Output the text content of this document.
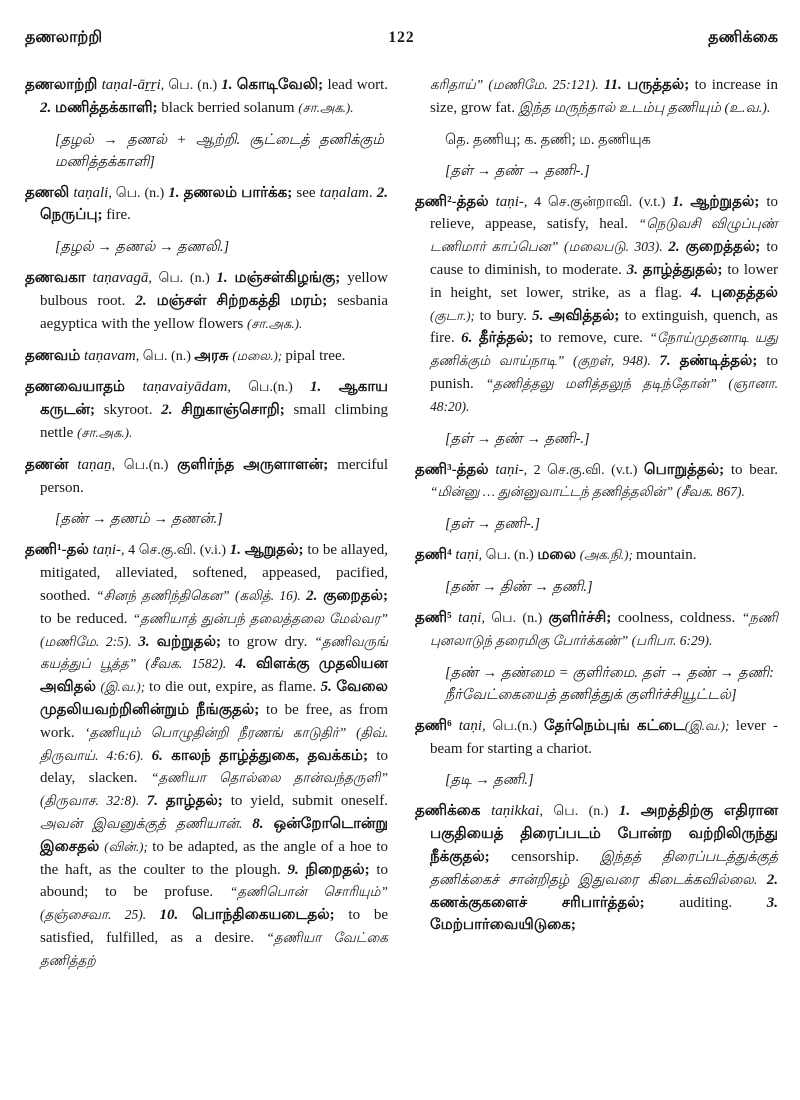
தணலாற்றி	122	தணிக்கை

தணலாற்றி taṇal-āṟṟi, பெ. (n.) 1. கொடிவேலி; lead wort. 2. மணித்தக்காளி; black berried solanum (சா.அக.).

[தழல் → தணல் + ஆற்றி. சூட்டைத் தணிக்கும் மணித்தக்காளி]

தணலி taṇali, பெ. (n.) 1. தணலம் பார்க்க; see taṇalam. 2. நெருப்பு; fire.

[தழல் → தணல் → தணலி.]

தணவகா taṇavagā, பெ. (n.) 1. மஞ்சள்கிழங்கு; yellow bulbous root. 2. மஞ்சள் சிற்றகத்தி மரம்; sesbania aegyptica with the yellow flowers (சா.அக.).

தணவம் taṇavam, பெ. (n.) அரசு (மலை.); pipal tree.

தணவையாதம் taṇavaiyādam, பெ.(n.) 1. ஆகாய கருடன்; skyroot. 2. சிறுகாஞ்சொறி; small climbing nettle (சா.அக.).

தணன் taṇaṉ, பெ.(n.) குளிர்ந்த அருளாளன்; merciful person.

[தண் → தணம் → தணன்.]

தணி¹-தல் taṇi-, 4 செ.கு.வி. (v.i.) 1. ஆறுதல்; to be allayed, mitigated, alleviated, softened, appeased, pacified, soothed. “சினந் தணிந்திகென” (கலித். 16). 2. குறைதல்; to be reduced. “தணியாத் துன்பந் தலைத்தலை மேல்வர” (மணிமே. 2:5). 3. வற்றுதல்; to grow dry. “தணிவருங் கயத்துப் பூத்த” (சீவக. 1582). 4. விளக்கு முதலியன அவிதல் (இ.வ.); to die out, expire, as flame. 5. வேலை முதலியவற்றினின்றும் நீங்குதல்; to be free, as from work. ‘தணியும் பொழுதின்றி நீரணங் காடுதிர்” (திவ். திருவாய். 4:6:6). 6. காலந் தாழ்த்துகை, தவக்கம்; to delay, slacken. “தணியா தொல்லை தான்வந்தருளி” (திருவாச. 32:8). 7. தாழ்தல்; to yield, submit oneself. அவன் இவனுக்குத் தணியான். 8. ஒன்றோடொன்று இசைதல் (வின்.); to be adapted, as the angle of a hoe to the haft, as the coulter to the plough. 9. நிறைதல்; to abound; to be profuse. “தணிபொன் சொரியும்” (தஞ்சைவா. 25). 10. பொந்திகையடைதல்; to be satisfied, fulfilled, as a desire. “தணியா வேட்கை தணித்தற்

கரிதாய்” (மணிமே. 25:121). 11. பருத்தல்; to increase in size, grow fat. இந்த மருந்தால் உடம்பு தணியும் (உ.வ.).

தெ. தணியு; க. தணி; ம. தணியுக

[தள் → தண் → தணி-.]

தணி²-த்தல் taṇi-, 4 செ.குன்றாவி. (v.t.) 1. ஆற்றுதல்; to relieve, appease, satisfy, heal. “நெடுவசி விழுப்புண் டணிமார் காப்பென” (மலைபடு. 303). 2. குறைத்தல்; to cause to diminish, to moderate. 3. தாழ்த்துதல்; to lower in height, set lower, strike, as a flag. 4. புதைத்தல் (குடா.); to bury. 5. அவித்தல்; to extinguish, quench, as fire. 6. தீர்த்தல்; to remove, cure. “நோய்முதனாடி யது தணிக்கும் வாய்நாடி” (குறள், 948). 7. தண்டித்தல்; to punish. “தணித்தலு மளித்தலுந் தடிந்தோன்” (ஞானா. 48:20).

[தள் → தண் → தணி-.]

தணி³-த்தல் taṇi-, 2 செ.கு.வி. (v.t.) பொறுத்தல்; to bear. “மின்னு … துன்னுவாட்டந் தணித்தலின்” (சீவக. 867).

[தள் → தணி-.]

தணி⁴ taṇi, பெ. (n.) மலை (அக.நி.); mountain.

[தண் → திண் → தணி.]

தணி⁵ taṇi, பெ. (n.) குளிர்ச்சி; coolness, coldness. “நணி புனலாடுந் தரைமிகு போர்க்கண்” (பரிபா. 6:29).

[தண் → தண்மை = குளிர்மை. தள் → தண் → தணி: நீர்வேட்கையைத் தணித்துக் குளிர்ச்சியூட்டல்]

தணி⁶ taṇi, பெ.(n.) தேர்நெம்புங் கட்டை(இ.வ.); lever - beam for starting a chariot.

[தடி → தணி.]

தணிக்கை taṇikkai, பெ. (n.) 1. அறத்திற்கு எதிரான பகுதியைத் திரைப்படம் போன்ற வற்றிலிருந்து நீக்குதல்; censorship. இந்தத் திரைப்படத்துக்குத் தணிக்கைச் சான்றிதழ் இதுவரை கிடைக்கவில்லை. 2. கணக்குகளைச் சரிபார்த்தல்; auditing. 3. மேற்பார்வையிடுகை;
